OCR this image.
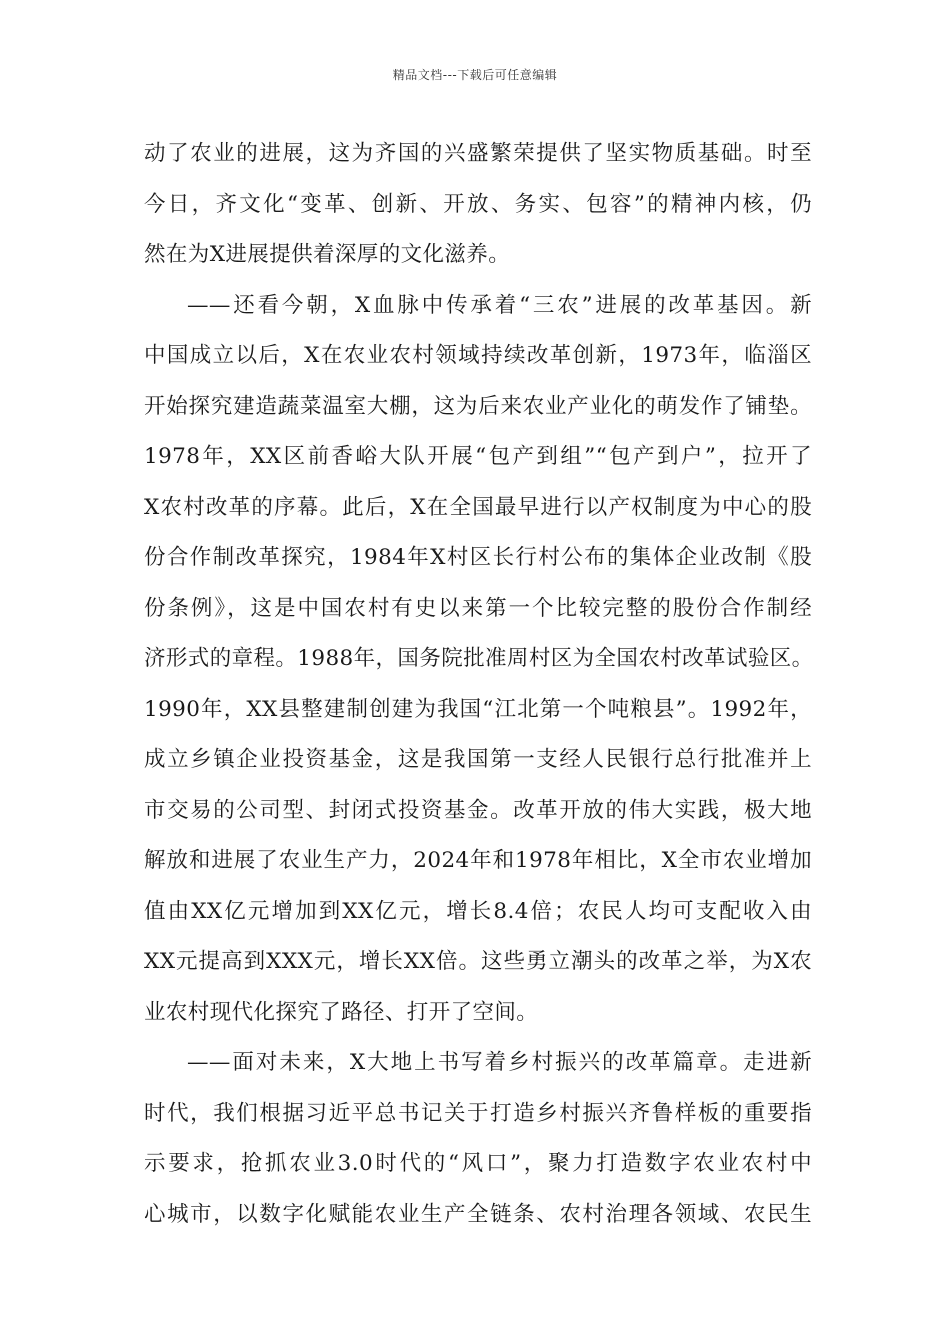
精品文档---下载后可任意编辑
动了农业的进展，这为齐国的兴盛繁荣提供了坚实物质基础。时至
今日，齐文化“变革、创新、开放、务实、包容”的精神内核，仍
然在为X进展提供着深厚的文化滋养。
——还看今朝，X血脉中传承着“三农”进展的改革基因。新
中国成立以后，X在农业农村领域持续改革创新，1973年，临淄区
开始探究建造蔬菜温室大棚，这为后来农业产业化的萌发作了铺垫。
1978年，XX区前香峪大队开展“包产到组”“包产到户”，拉开了
X农村改革的序幕。此后，X在全国最早进行以产权制度为中心的股
份合作制改革探究，1984年X村区长行村公布的集体企业改制《股
份条例》，这是中国农村有史以来第一个比较完整的股份合作制经
济形式的章程。1988年，国务院批准周村区为全国农村改革试验区。
1990年，XX县整建制创建为我国“江北第一个吨粮县”。1992年，
成立乡镇企业投资基金，这是我国第一支经人民银行总行批准并上
市交易的公司型、封闭式投资基金。改革开放的伟大实践，极大地
解放和进展了农业生产力，2024年和1978年相比，X全市农业增加
值由XX亿元增加到XX亿元，增长8.4倍；农民人均可支配收入由
XX元提高到XXX元，增长XX倍。这些勇立潮头的改革之举，为X农
业农村现代化探究了路径、打开了空间。
——面对未来，X大地上书写着乡村振兴的改革篇章。走进新
时代，我们根据习近平总书记关于打造乡村振兴齐鲁样板的重要指
示要求，抢抓农业3.0时代的“风口”，聚力打造数字农业农村中
心城市，以数字化赋能农业生产全链条、农村治理各领域、农民生
